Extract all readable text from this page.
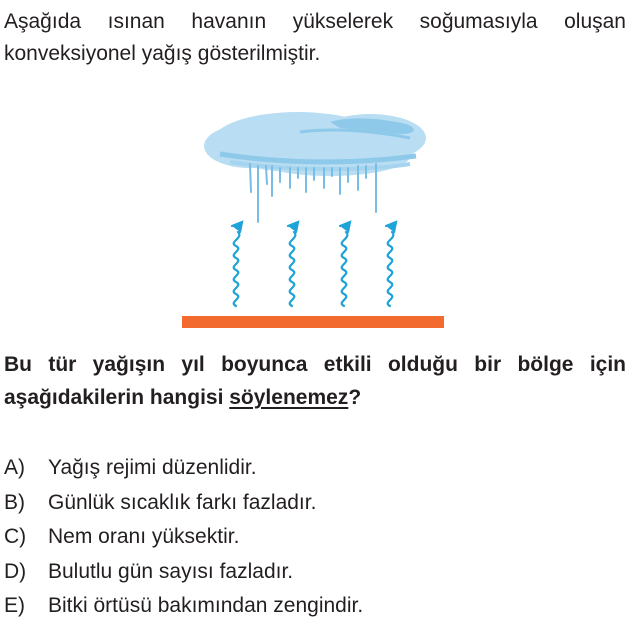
Aşağıda ısınan havanın yükselerek soğumasıyla oluşan
konveksiyonel yağış gösterilmiştir.
Bu tür yağışın yıl boyunca etkili olduğu bir bölge için
aşağıdakilerin hangisi söylenemez?
A) Yağış rejimi düzenlidir.
B) Günlük sıcaklık farkı fazladır.
C) Nem oranı yüksektir.
D) Bulutlu gün sayısı fazladır.
E) Bitki örtüsü bakımından zengindir.
